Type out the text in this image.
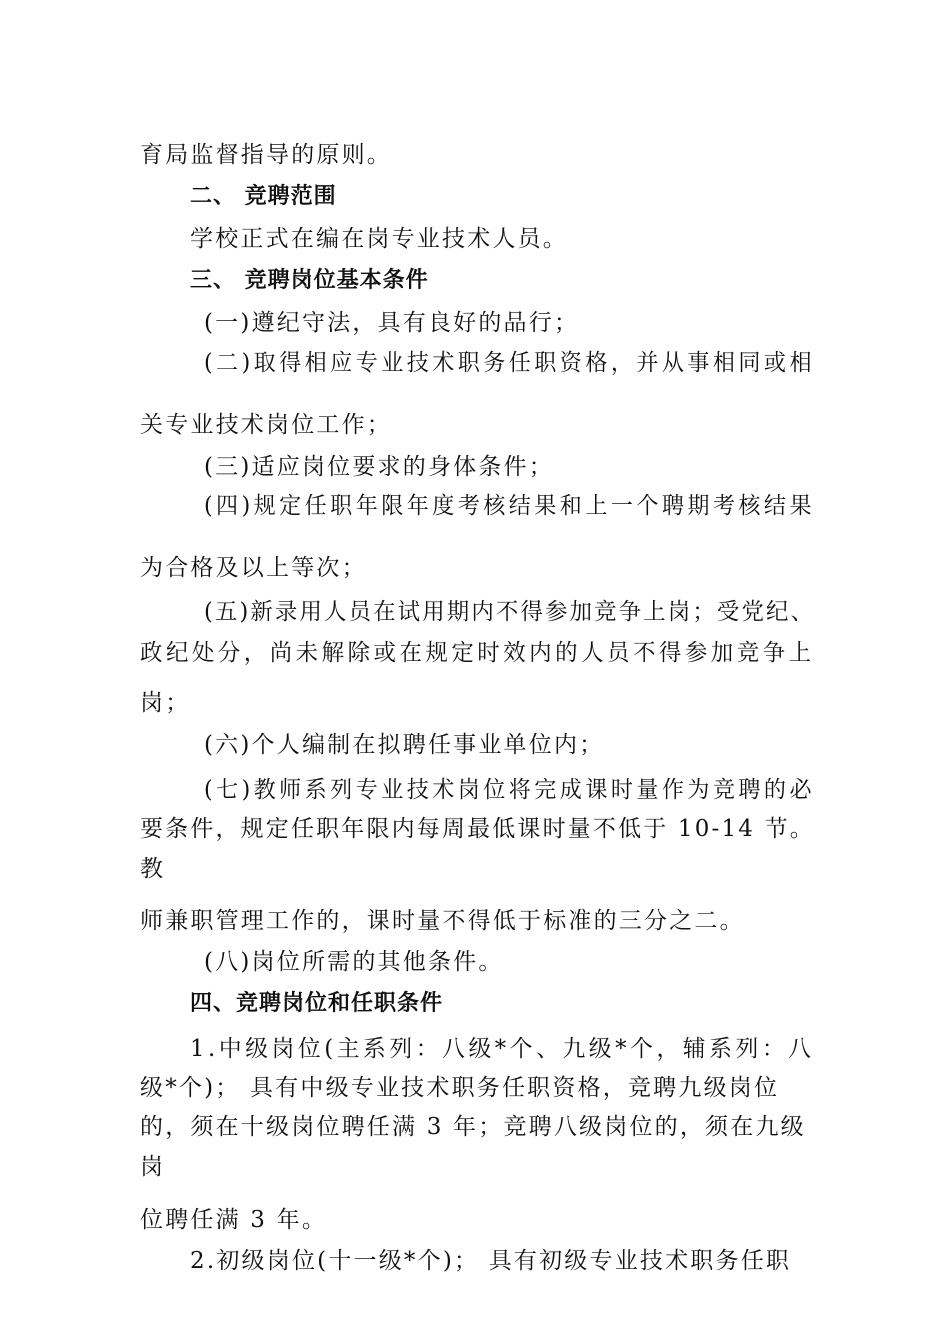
育局监督指导的原则。
二、 竞聘范围
学校正式在编在岗专业技术人员。
三、 竞聘岗位基本条件
(一)遵纪守法，具有良好的品行；
(二)取得相应专业技术职务任职资格，并从事相同或相
关专业技术岗位工作；
(三)适应岗位要求的身体条件；
(四)规定任职年限年度考核结果和上一个聘期考核结果
为合格及以上等次；
(五)新录用人员在试用期内不得参加竞争上岗；受党纪、
政纪处分，尚未解除或在规定时效内的人员不得参加竞争上
岗；
(六)个人编制在拟聘任事业单位内；
(七)教师系列专业技术岗位将完成课时量作为竞聘的必
要条件，规定任职年限内每周最低课时量不低于 10-14 节。
教
师兼职管理工作的，课时量不得低于标准的三分之二。
(八)岗位所需的其他条件。
四、竞聘岗位和任职条件
1.中级岗位(主系列：八级*个、九级*个，辅系列：八
级*个)； 具有中级专业技术职务任职资格，竞聘九级岗位
的，须在十级岗位聘任满 3 年；竞聘八级岗位的，须在九级
岗
位聘任满 3 年。
2.初级岗位(十一级*个)； 具有初级专业技术职务任职
